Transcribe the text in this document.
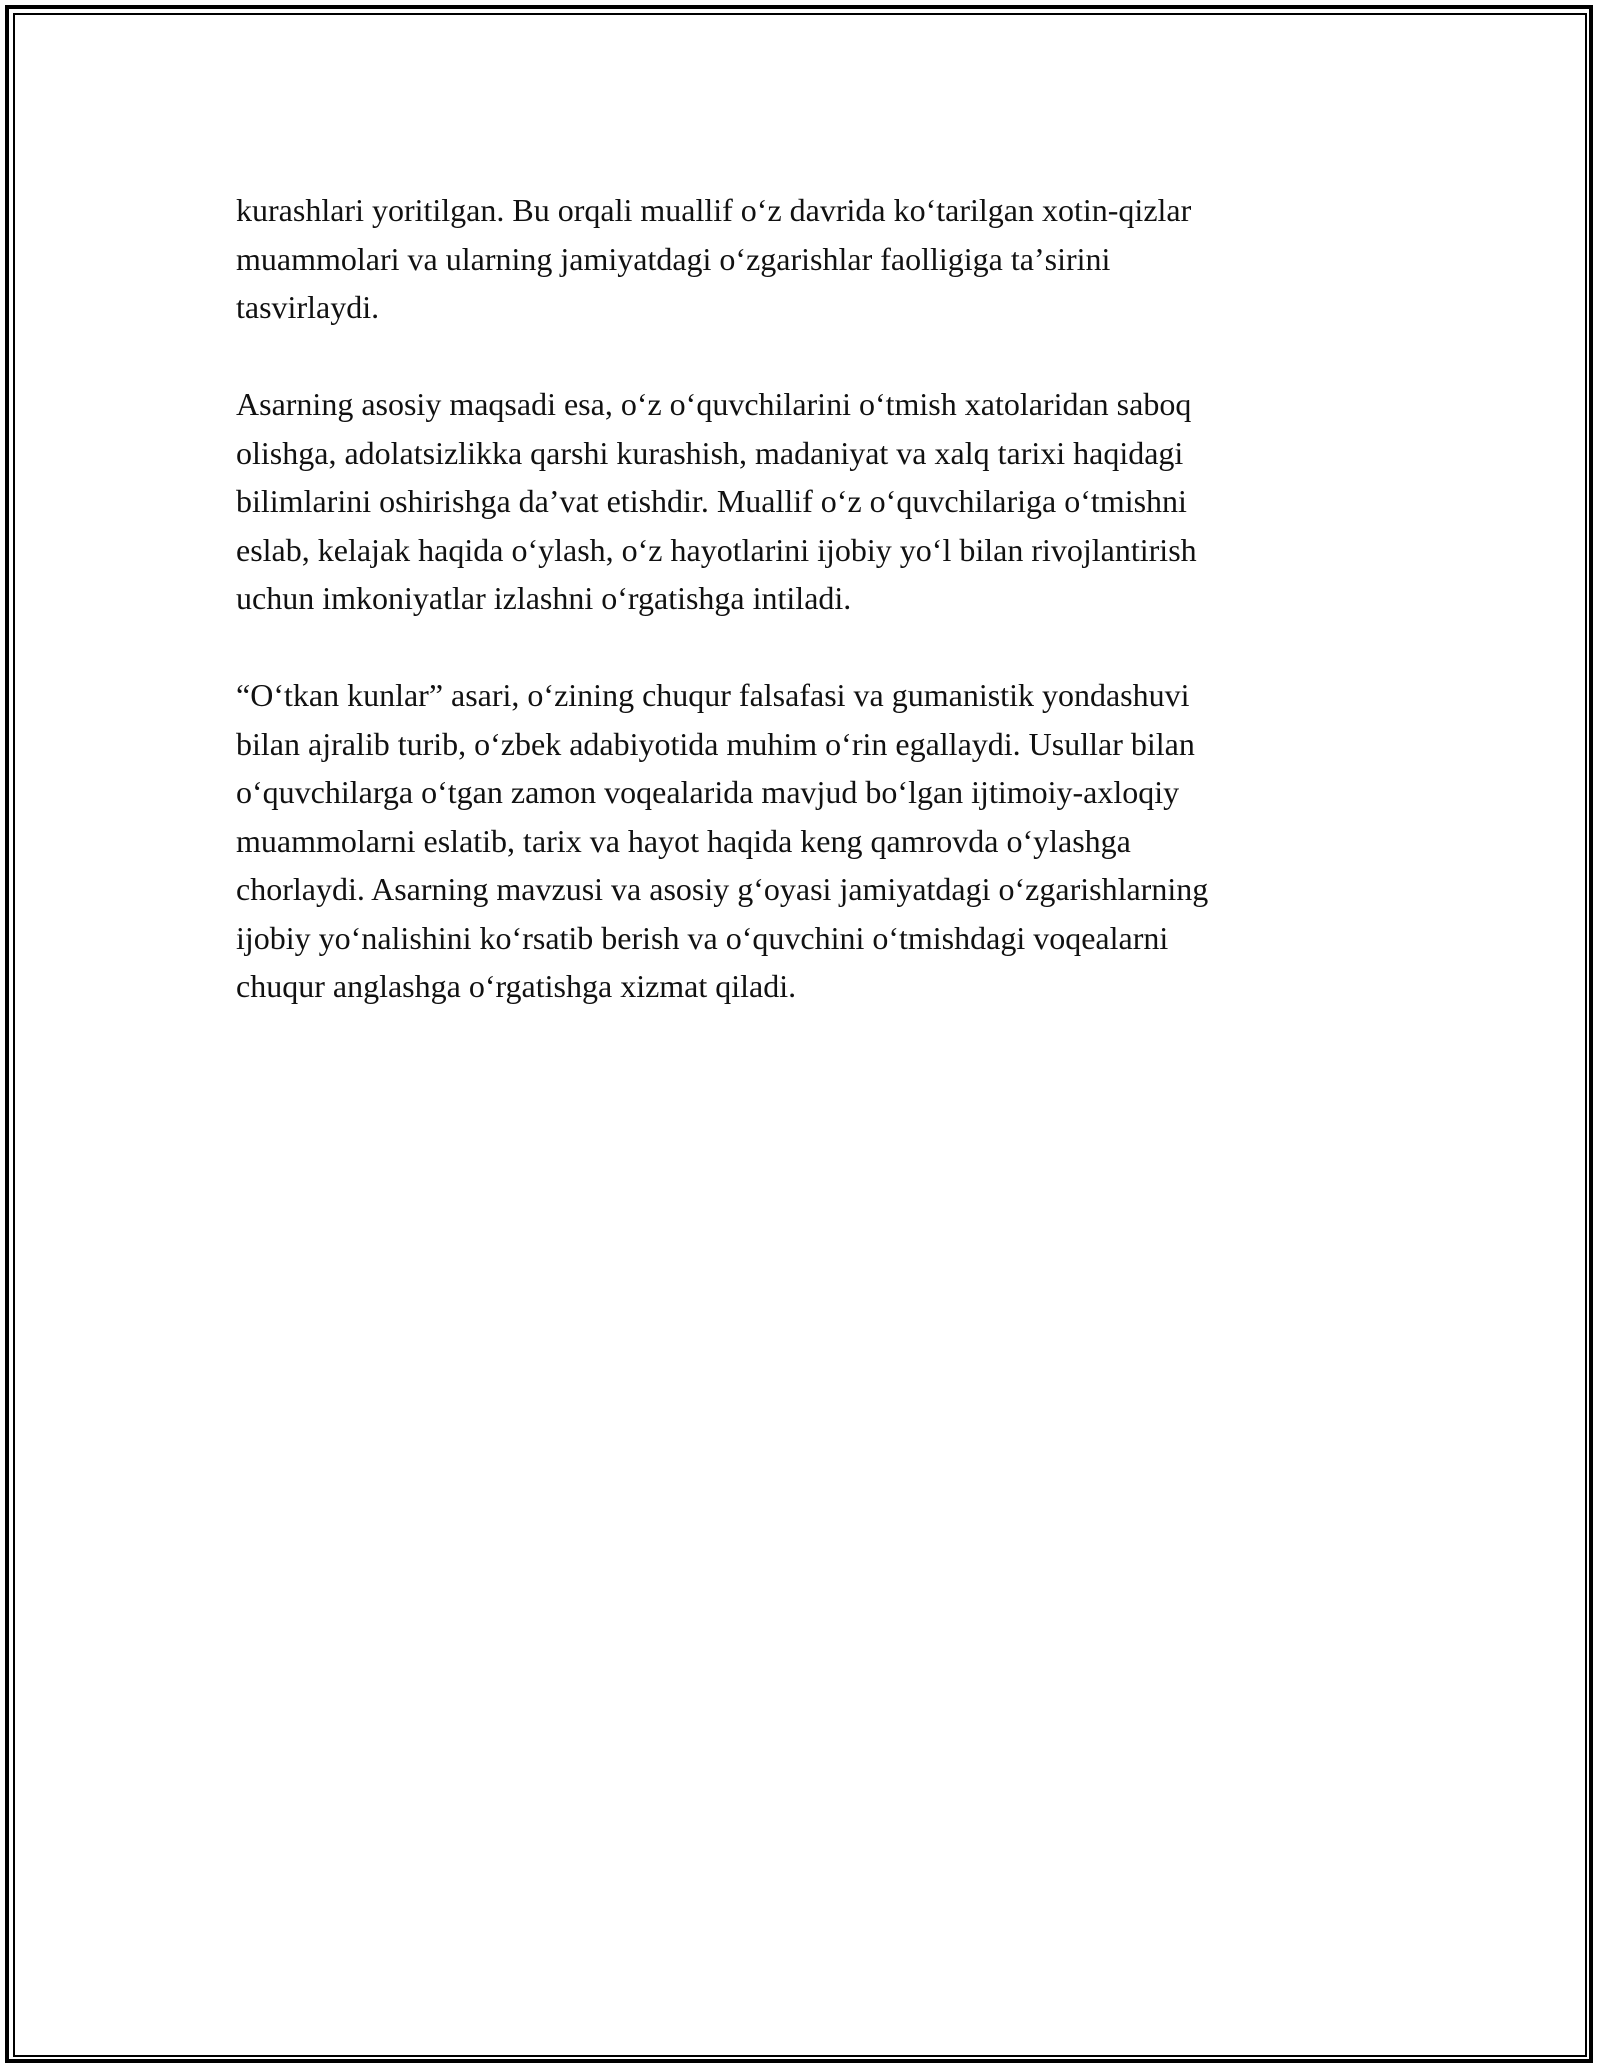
kurashlari yoritilgan. Bu orqali muallif oʻz davrida koʻtarilgan xotin-qizlar
muammolari va ularning jamiyatdagi oʻzgarishlar faolligiga taʼsirini
tasvirlaydi.

Asarning asosiy maqsadi esa, oʻz oʻquvchilarini oʻtmish xatolaridan saboq
olishga, adolatsizlikka qarshi kurashish, madaniyat va xalq tarixi haqidagi
bilimlarini oshirishga daʼvat etishdir. Muallif oʻz oʻquvchilariga oʻtmishni
eslab, kelajak haqida oʻylash, oʻz hayotlarini ijobiy yoʻl bilan rivojlantirish
uchun imkoniyatlar izlashni oʻrgatishga intiladi.

“Oʻtkan kunlar” asari, oʻzining chuqur falsafasi va gumanistik yondashuvi
bilan ajralib turib, oʻzbek adabiyotida muhim oʻrin egallaydi. Usullar bilan
oʻquvchilarga oʻtgan zamon voqealarida mavjud boʻlgan ijtimoiy-axloqiy
muammolarni eslatib, tarix va hayot haqida keng qamrovda oʻylashga
chorlaydi. Asarning mavzusi va asosiy gʻoyasi jamiyatdagi oʻzgarishlarning
ijobiy yoʻnalishini koʻrsatib berish va oʻquvchini oʻtmishdagi voqealarni
chuqur anglashga oʻrgatishga xizmat qiladi.
